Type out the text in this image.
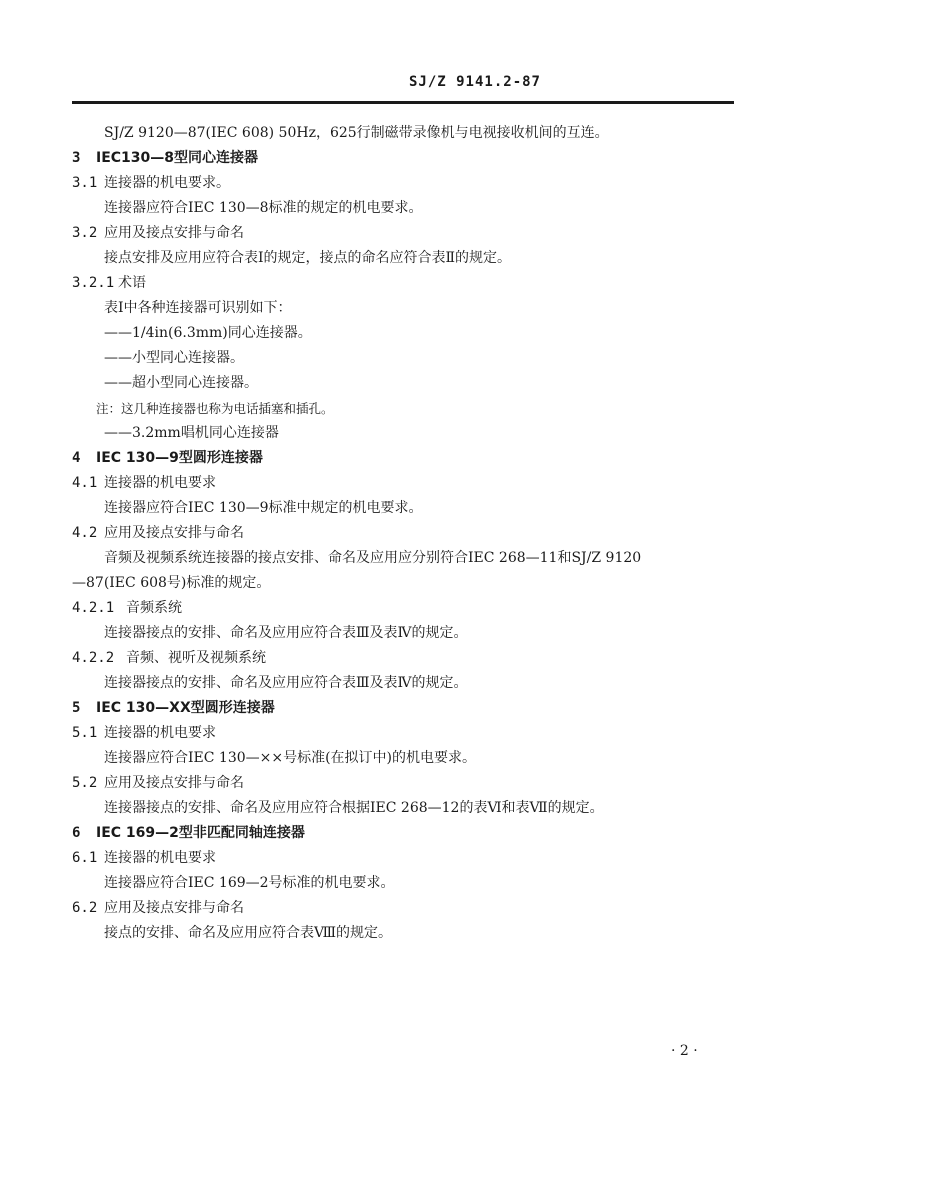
SJ/Z 9141.2-87
SJ/Z 9120—87(IEC 608) 50Hz，625行制磁带录像机与电视接收机间的互连。
3 IEC130—8型同心连接器
3.1 连接器的机电要求。
连接器应符合IEC 130—8标准的规定的机电要求。
3.2 应用及接点安排与命名
接点安排及应用应符合表Ⅰ的规定，接点的命名应符合表Ⅱ的规定。
3.2.1 术语
表Ⅰ中各种连接器可识别如下：
——1/4in(6.3mm)同心连接器。
——小型同心连接器。
——超小型同心连接器。
注：这几种连接器也称为电话插塞和插孔。
——3.2mm唱机同心连接器
4 IEC 130—9型圆形连接器
4.1 连接器的机电要求
连接器应符合IEC 130—9标准中规定的机电要求。
4.2 应用及接点安排与命名
音频及视频系统连接器的接点安排、命名及应用应分别符合IEC 268—11和SJ/Z 9120
—87(IEC 608号)标准的规定。
4.2.1 音频系统
连接器接点的安排、命名及应用应符合表Ⅲ及表Ⅳ的规定。
4.2.2 音频、视听及视频系统
连接器接点的安排、命名及应用应符合表Ⅲ及表Ⅳ的规定。
5 IEC 130—XX型圆形连接器
5.1 连接器的机电要求
连接器应符合IEC 130—××号标准(在拟订中)的机电要求。
5.2 应用及接点安排与命名
连接器接点的安排、命名及应用应符合根据IEC 268—12的表Ⅵ和表Ⅶ的规定。
6 IEC 169—2型非匹配同轴连接器
6.1 连接器的机电要求
连接器应符合IEC 169—2号标准的机电要求。
6.2 应用及接点安排与命名
接点的安排、命名及应用应符合表Ⅷ的规定。
· 2 ·
